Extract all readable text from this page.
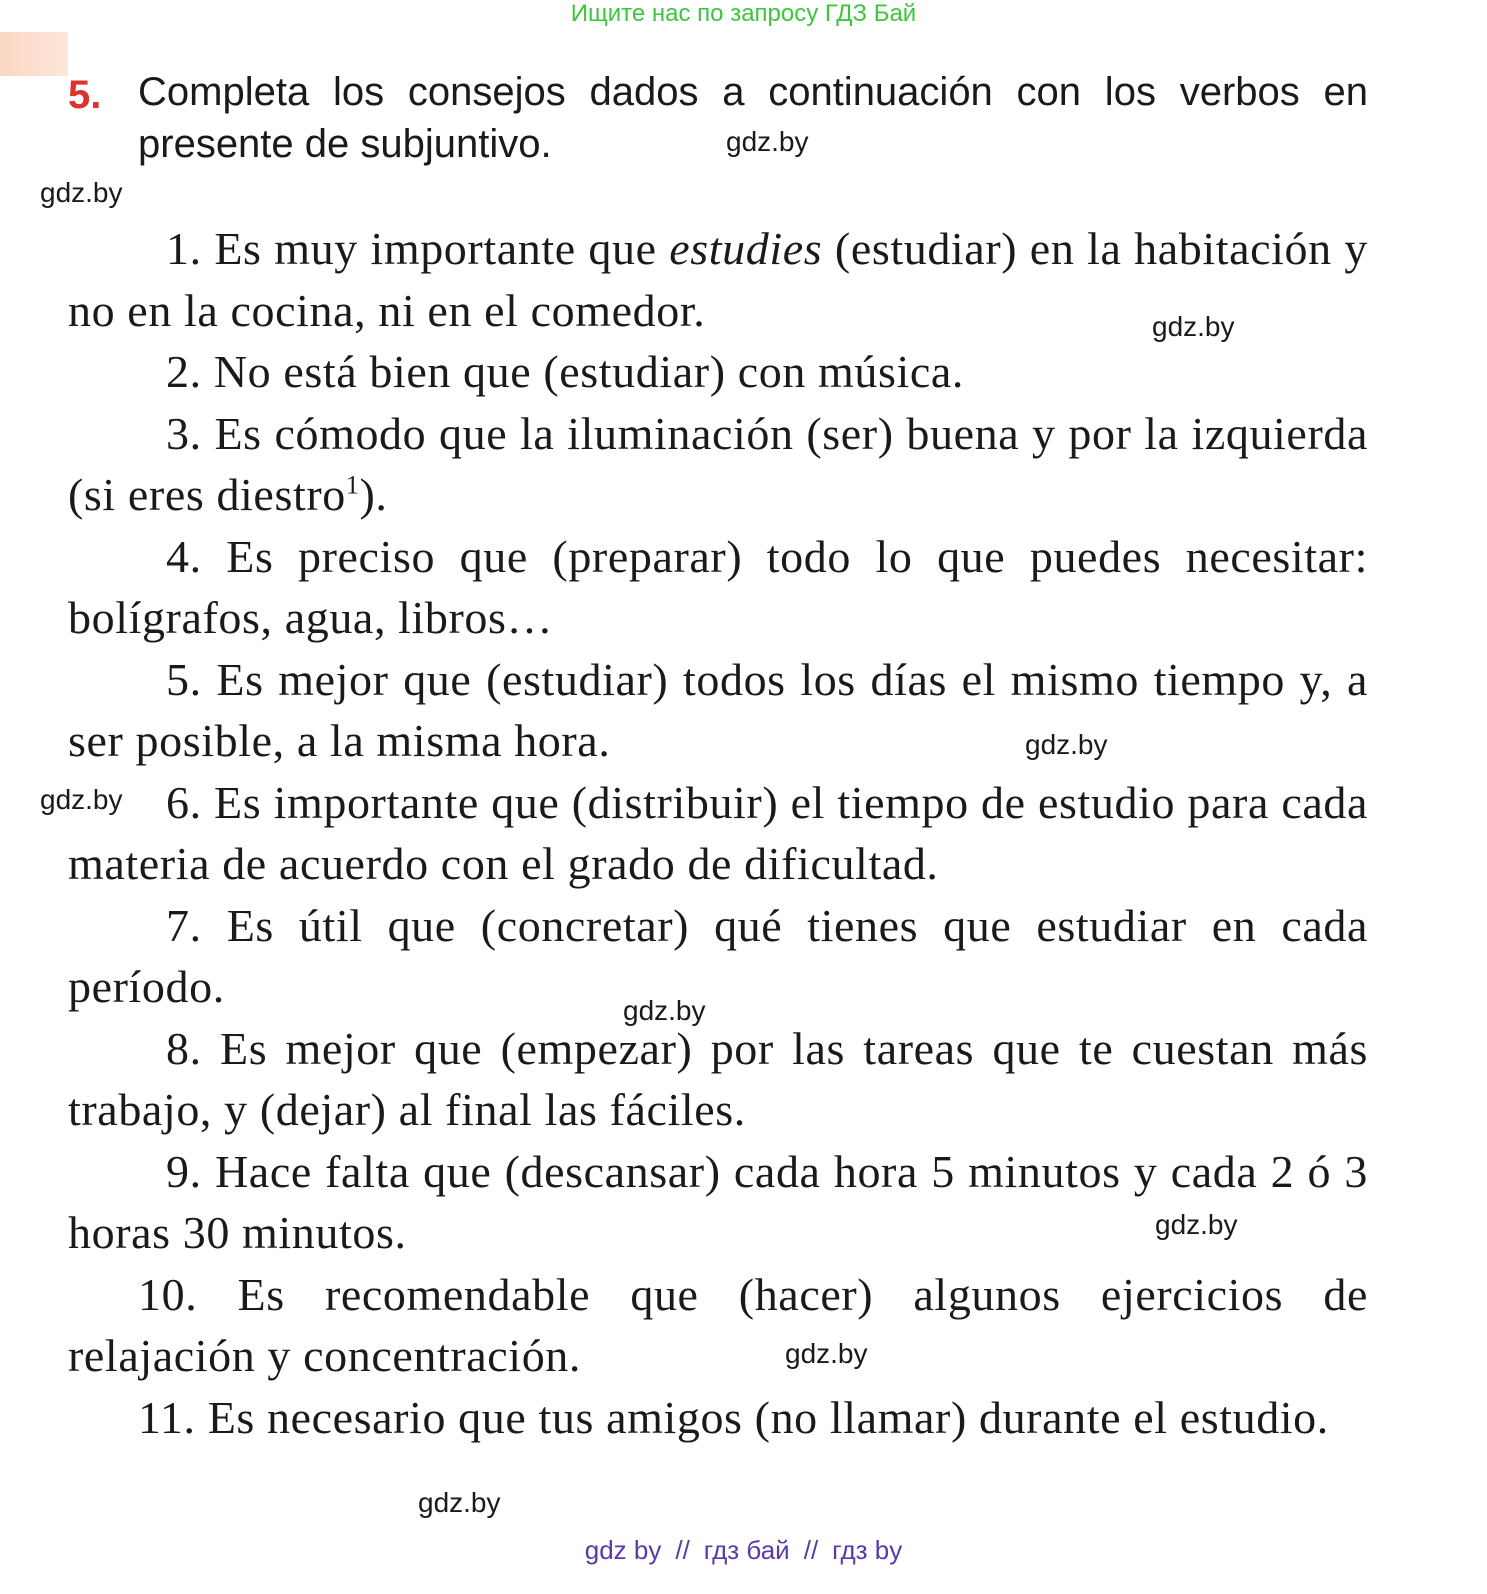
Ищите нас по запросу ГДЗ Бай
5. Completa los consejos dados a continuación con los verbos en presente de subjuntivo.

1. Es muy importante que estudies (estudiar) en la habitación y no en la cocina, ni en el comedor.

2. No está bien que (estudiar) con música.

3. Es cómodo que la iluminación (ser) buena y por la izquierda (si eres diestro$^1$).

4. Es preciso que (preparar) todo lo que puedes necesitar: bolígrafos, agua, libros…

5. Es mejor que (estudiar) todos los días el mismo tiempo y, a ser posible, a la misma hora.

6. Es importante que (distribuir) el tiempo de estudio para cada materia de acuerdo con el grado de dificultad.

7. Es útil que (concretar) qué tienes que estudiar en cada período.

8. Es mejor que (empezar) por las tareas que te cuestan más trabajo, y (dejar) al final las fáciles.

9. Hace falta que (descansar) cada hora 5 minutos y cada 2 ó 3 horas 30 minutos.

10. Es recomendable que (hacer) algunos ejercicios de relajación y concentración.

11. Es necesario que tus amigos (no llamar) durante el estudio.

gdz.by
gdz.by
gdz.by
gdz.by
gdz.by
gdz.by
gdz.by
gdz.by
gdz.by
gdz by // гдз бай // гдз by
